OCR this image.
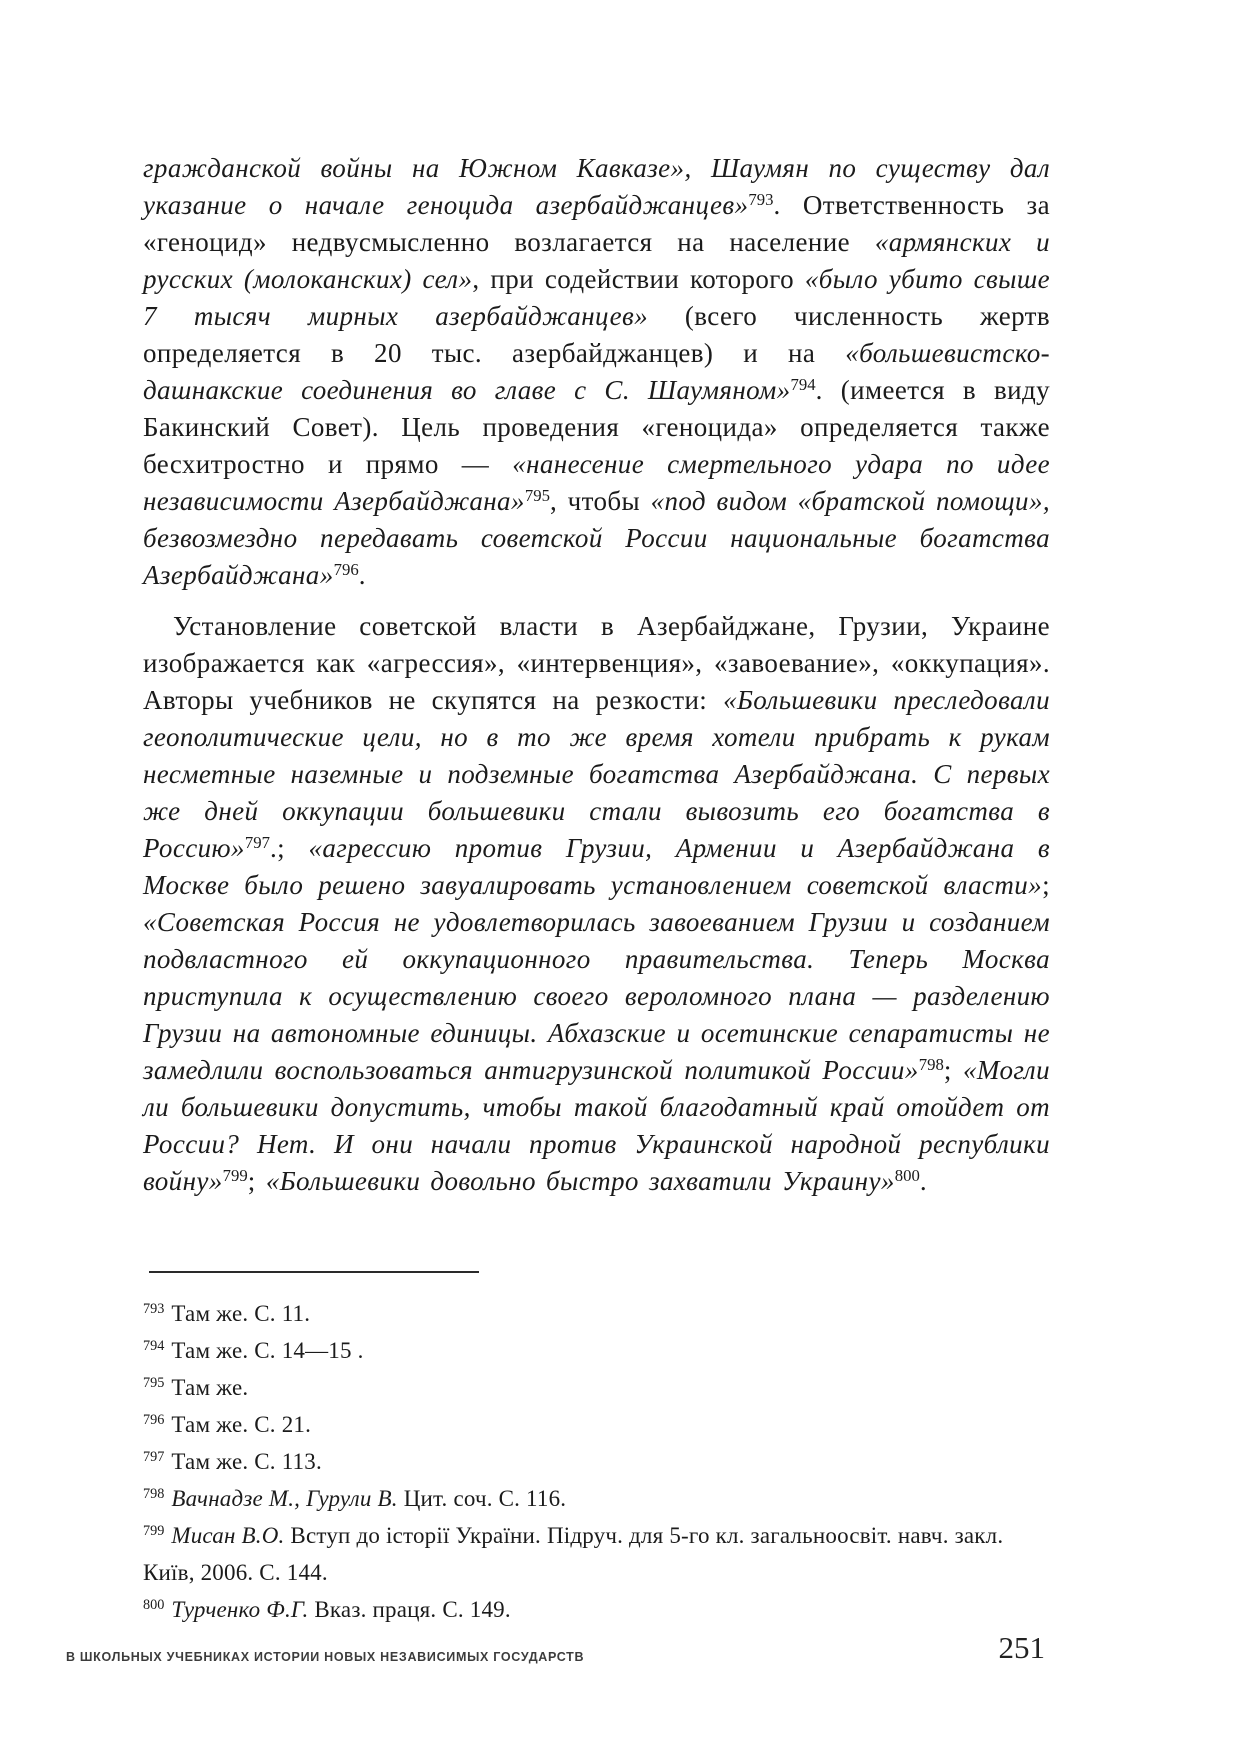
гражданской войны на Южном Кавказе», Шаумян по существу дал указание о начале геноцида азербайджанцев»$^{793}$. Ответственность за «геноцид» недвусмысленно возлагается на население «армянских и русских (молоканских) сел», при содействии которого «было убито свыше 7 тысяч мирных азербайджанцев» (всего численность жертв определяется в 20 тыс. азербайджанцев) и на «большевистско-дашнакские соединения во главе с С. Шаумяном»$^{794}$. (имеется в виду Бакинский Совет). Цель проведения «геноцида» определяется также бесхитростно и прямо — «нанесение смертельного удара по идее независимости Азербайджана»$^{795}$, чтобы «под видом «братской помощи», безвозмездно передавать советской России национальные богатства Азербайджана»$^{796}$.

Установление советской власти в Азербайджане, Грузии, Украине изображается как «агрессия», «интервенция», «завоевание», «оккупация». Авторы учебников не скупятся на резкости: «Большевики преследовали геополитические цели, но в то же время хотели прибрать к рукам несметные наземные и подземные богатства Азербайджана. С первых же дней оккупации большевики стали вывозить его богатства в Россию»$^{797}$.; «агрессию против Грузии, Армении и Азербайджана в Москве было решено завуалировать установлением советской власти»; «Советская Россия не удовлетворилась завоеванием Грузии и созданием подвластного ей оккупационного правительства. Теперь Москва приступила к осуществлению своего вероломного плана — разделению Грузии на автономные единицы. Абхазские и осетинские сепаратисты не замедлили воспользоваться антигрузинской политикой России»$^{798}$; «Могли ли большевики допустить, чтобы такой благодатный край отойдет от России? Нет. И они начали против Украинской народной республики войну»$^{799}$; «Большевики довольно быстро захватили Украину»$^{800}$.

$^{793}$ Там же. С. 11.
$^{794}$ Там же. С. 14—15 .
$^{795}$ Там же.
$^{796}$ Там же. С. 21.
$^{797}$ Там же. С. 113.
$^{798}$ Вачнадзе М., Гурули В. Цит. соч. С. 116.
$^{799}$ Мисан В.О. Вступ до історії України. Підруч. для 5-го кл. загальноосвіт. навч. закл. Київ, 2006. С. 144.
$^{800}$ Турченко Ф.Г. Вказ. праця. С. 149.
В ШКОЛЬНЫХ УЧЕБНИКАХ ИСТОРИИ НОВЫХ НЕЗАВИСИМЫХ ГОСУДАРСТВ	251
